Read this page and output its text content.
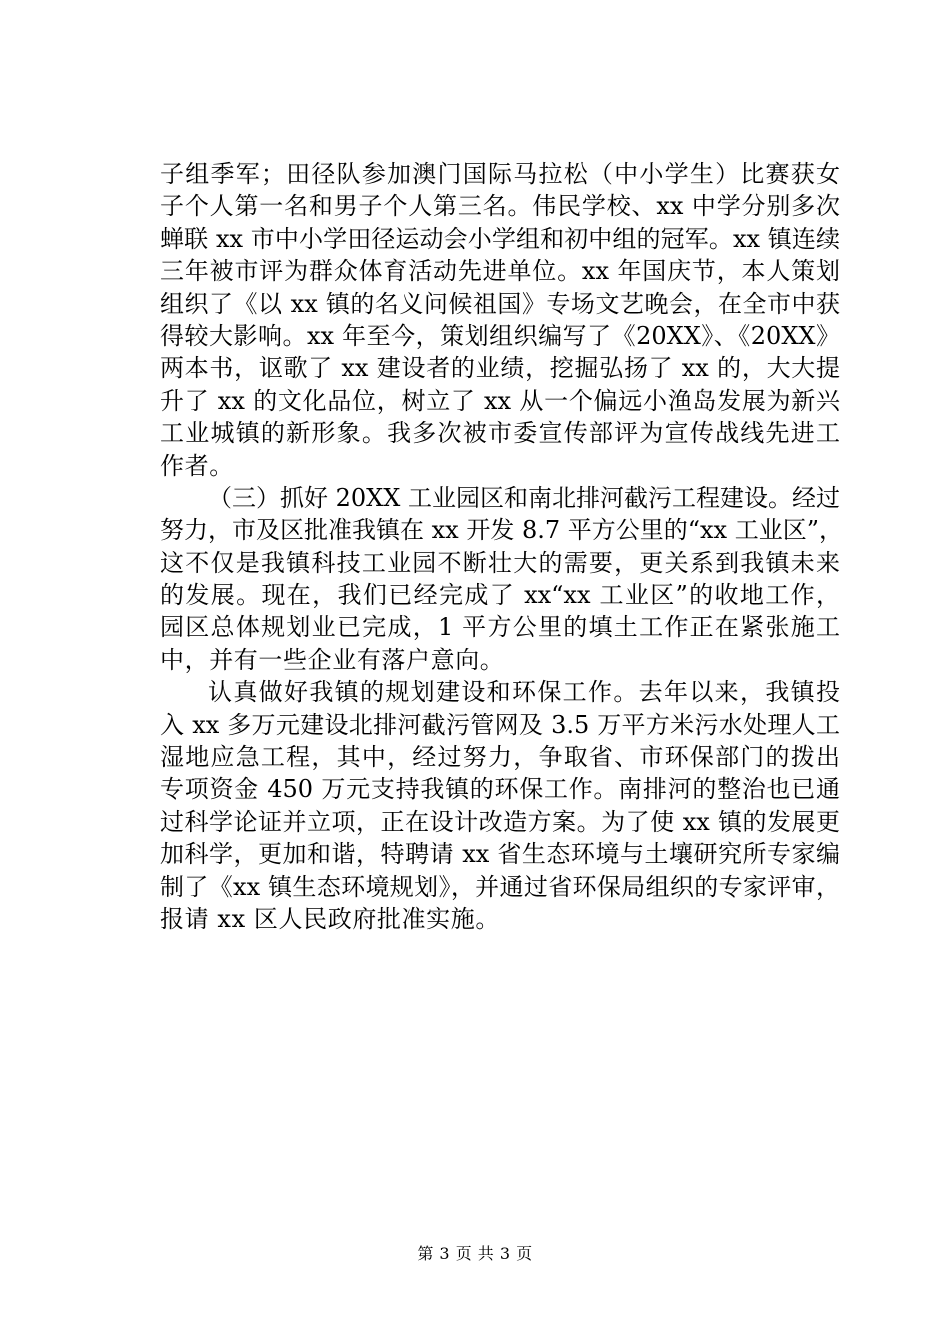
子组季军；田径队参加澳门国际马拉松（中小学生）比赛获女
子个人第一名和男子个人第三名。伟民学校、xx 中学分别多次
蝉联 xx 市中小学田径运动会小学组和初中组的冠军。xx 镇连续
三年被市评为群众体育活动先进单位。xx 年国庆节，本人策划
组织了《以 xx 镇的名义问候祖国》专场文艺晚会，在全市中获
得较大影响。xx 年至今，策划组织编写了《20XX》、《20XX》
两本书，讴歌了 xx 建设者的业绩，挖掘弘扬了 xx 的，大大提
升了 xx 的文化品位，树立了 xx 从一个偏远小渔岛发展为新兴
工业城镇的新形象。我多次被市委宣传部评为宣传战线先进工
作者。
（三）抓好 20XX 工业园区和南北排河截污工程建设。经过
努力，市及区批准我镇在 xx 开发 8.7 平方公里的“xx 工业区”，
这不仅是我镇科技工业园不断壮大的需要，更关系到我镇未来
的发展。现在，我们已经完成了 xx“xx 工业区”的收地工作，
园区总体规划业已完成，1 平方公里的填土工作正在紧张施工
中，并有一些企业有落户意向。
认真做好我镇的规划建设和环保工作。去年以来，我镇投
入 xx 多万元建设北排河截污管网及 3.5 万平方米污水处理人工
湿地应急工程，其中，经过努力，争取省、市环保部门的拨出
专项资金 450 万元支持我镇的环保工作。南排河的整治也已通
过科学论证并立项，正在设计改造方案。为了使 xx 镇的发展更
加科学，更加和谐，特聘请 xx 省生态环境与土壤研究所专家编
制了《xx 镇生态环境规划》，并通过省环保局组织的专家评审，
报请 xx 区人民政府批准实施。
第 3 页 共 3 页
